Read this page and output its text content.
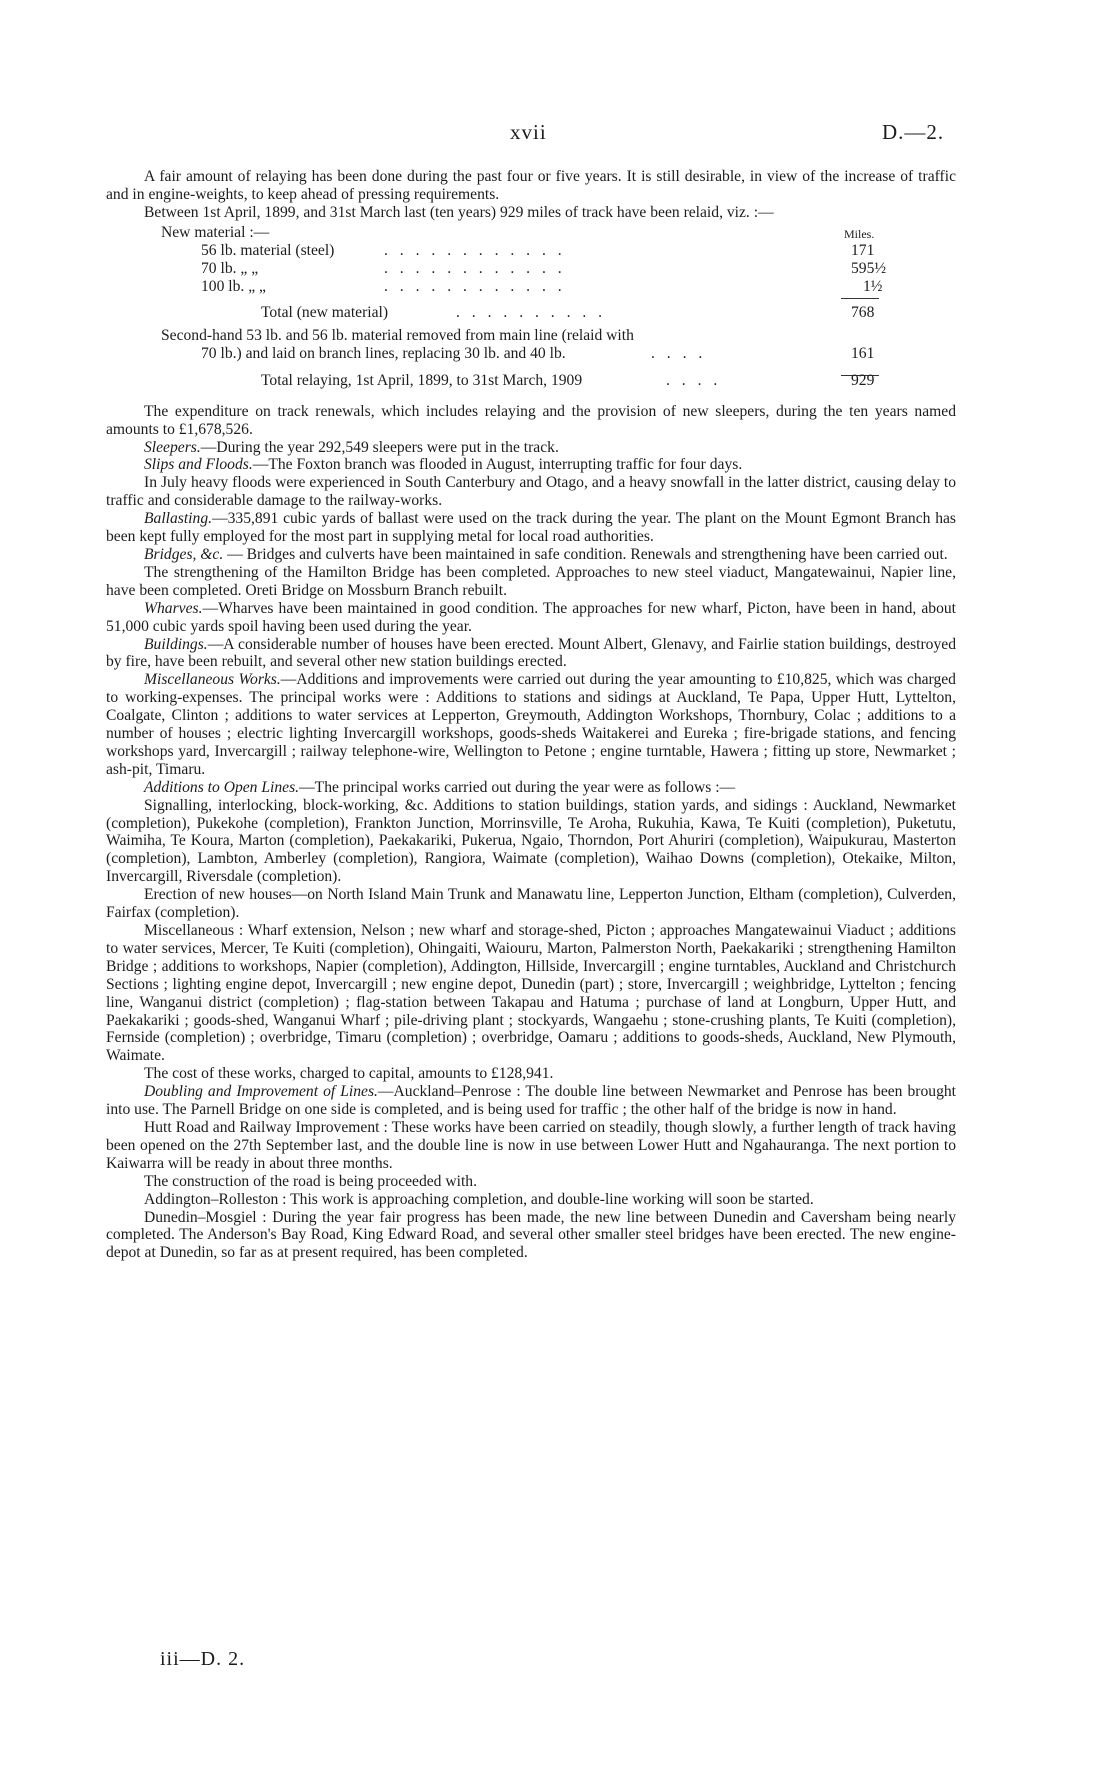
xvii	D.—2.

A fair amount of relaying has been done during the past four or five years. It is still desirable, in view of the increase of traffic and in engine-weights, to keep ahead of pressing requirements.

Between 1st April, 1899, and 31st March last (ten years) 929 miles of track have been relaid, viz. :—

New material :—	Miles.
56 lb. material (steel)	. . . . . . . . . . . .	171
70 lb. „ „	. . . . . . . . . . . .	595½
100 lb. „ „	. . . . . . . . . . . .	1½
Total (new material)	. . . . . . . . . .	768
Second-hand 53 lb. and 56 lb. material removed from main line (relaid with
70 lb.) and laid on branch lines, replacing 30 lb. and 40 lb.	. . . .	161
Total relaying, 1st April, 1899, to 31st March, 1909	. . . .	929

The expenditure on track renewals, which includes relaying and the provision of new sleepers, during the ten years named amounts to £1,678,526.

Sleepers.—During the year 292,549 sleepers were put in the track.

Slips and Floods.—The Foxton branch was flooded in August, interrupting traffic for four days.

In July heavy floods were experienced in South Canterbury and Otago, and a heavy snowfall in the latter district, causing delay to traffic and considerable damage to the railway-works.

Ballasting.—335,891 cubic yards of ballast were used on the track during the year. The plant on the Mount Egmont Branch has been kept fully employed for the most part in supplying metal for local road authorities.

Bridges, &c. — Bridges and culverts have been maintained in safe condition. Renewals and strengthening have been carried out.

The strengthening of the Hamilton Bridge has been completed. Approaches to new steel viaduct, Mangatewainui, Napier line, have been completed. Oreti Bridge on Mossburn Branch rebuilt.

Wharves.—Wharves have been maintained in good condition. The approaches for new wharf, Picton, have been in hand, about 51,000 cubic yards spoil having been used during the year.

Buildings.—A considerable number of houses have been erected. Mount Albert, Glenavy, and Fairlie station buildings, destroyed by fire, have been rebuilt, and several other new station buildings erected.

Miscellaneous Works.—Additions and improvements were carried out during the year amounting to £10,825, which was charged to working-expenses. The principal works were : Additions to stations and sidings at Auckland, Te Papa, Upper Hutt, Lyttelton, Coalgate, Clinton ; additions to water services at Lepperton, Greymouth, Addington Workshops, Thornbury, Colac ; additions to a number of houses ; electric lighting Invercargill workshops, goods-sheds Waitakerei and Eureka ; fire-brigade stations, and fencing workshops yard, Invercargill ; railway telephone-wire, Wellington to Petone ; engine turntable, Hawera ; fitting up store, Newmarket ; ash-pit, Timaru.

Additions to Open Lines.—The principal works carried out during the year were as follows :—

Signalling, interlocking, block-working, &c. Additions to station buildings, station yards, and sidings : Auckland, Newmarket (completion), Pukekohe (completion), Frankton Junction, Morrinsville, Te Aroha, Rukuhia, Kawa, Te Kuiti (completion), Puketutu, Waimiha, Te Koura, Marton (completion), Paekakariki, Pukerua, Ngaio, Thorndon, Port Ahuriri (completion), Waipukurau, Masterton (completion), Lambton, Amberley (completion), Rangiora, Waimate (completion), Waihao Downs (completion), Otekaike, Milton, Invercargill, Riversdale (completion).

Erection of new houses—on North Island Main Trunk and Manawatu line, Lepperton Junction, Eltham (completion), Culverden, Fairfax (completion).

Miscellaneous : Wharf extension, Nelson ; new wharf and storage-shed, Picton ; approaches Mangatewainui Viaduct ; additions to water services, Mercer, Te Kuiti (completion), Ohingaiti, Waiouru, Marton, Palmerston North, Paekakariki ; strengthening Hamilton Bridge ; additions to workshops, Napier (completion), Addington, Hillside, Invercargill ; engine turntables, Auckland and Christchurch Sections ; lighting engine depot, Invercargill ; new engine depot, Dunedin (part) ; store, Invercargill ; weighbridge, Lyttelton ; fencing line, Wanganui district (completion) ; flag-station between Takapau and Hatuma ; purchase of land at Longburn, Upper Hutt, and Paekakariki ; goods-shed, Wanganui Wharf ; pile-driving plant ; stockyards, Wangaehu ; stone-crushing plants, Te Kuiti (completion), Fernside (completion) ; overbridge, Timaru (completion) ; overbridge, Oamaru ; additions to goods-sheds, Auckland, New Plymouth, Waimate.

The cost of these works, charged to capital, amounts to £128,941.

Doubling and Improvement of Lines.—Auckland–Penrose : The double line between Newmarket and Penrose has been brought into use. The Parnell Bridge on one side is completed, and is being used for traffic ; the other half of the bridge is now in hand.

Hutt Road and Railway Improvement : These works have been carried on steadily, though slowly, a further length of track having been opened on the 27th September last, and the double line is now in use between Lower Hutt and Ngahauranga. The next portion to Kaiwarra will be ready in about three months.

The construction of the road is being proceeded with.

Addington–Rolleston : This work is approaching completion, and double-line working will soon be started.

Dunedin–Mosgiel : During the year fair progress has been made, the new line between Dunedin and Caversham being nearly completed. The Anderson's Bay Road, King Edward Road, and several other smaller steel bridges have been erected. The new engine-depot at Dunedin, so far as at present required, has been completed.

iii—D. 2.
